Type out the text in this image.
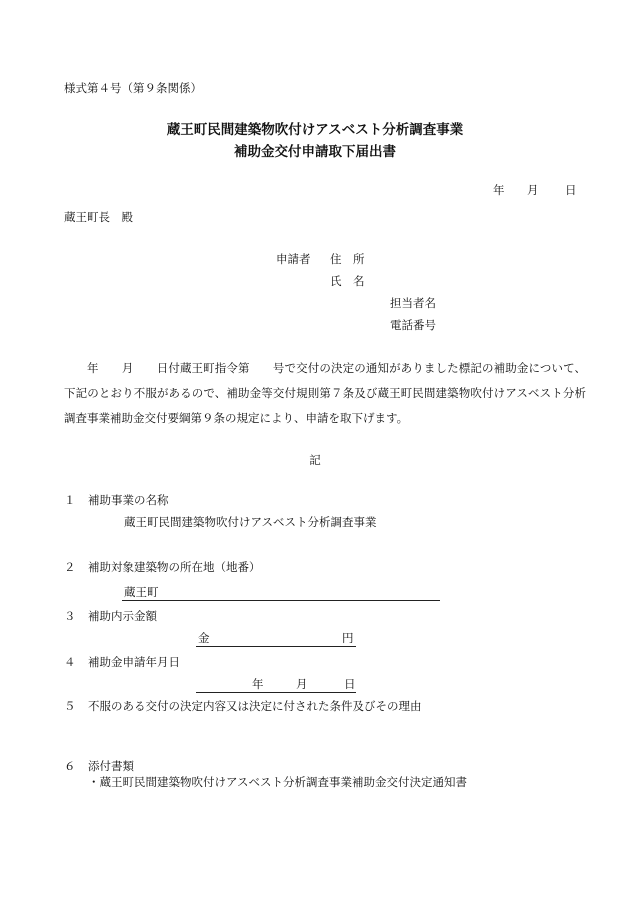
様式第４号（第９条関係）
蔵王町民間建築物吹付けアスベスト分析調査事業
補助金交付申請取下届出書
年 月 日
蔵王町長　殿
申請者 住　所
氏　名
担当者名
電話番号
年　　月　　日付蔵王町指令第　　号で交付の決定の通知がありました標記の補助金について、下記のとおり不服があるので、補助金等交付規則第７条及び蔵王町民間建築物吹付けアスベスト分析調査事業補助金交付要綱第９条の規定により、申請を取下げます。
記
１ 補助事業の名称
蔵王町民間建築物吹付けアスベスト分析調査事業
２ 補助対象建築物の所在地（地番）
蔵王町
３ 補助内示金額
金	円
４ 補助金申請年月日
年	月	日
５ 不服のある交付の決定内容又は決定に付された条件及びその理由
６ 添付書類
・蔵王町民間建築物吹付けアスベスト分析調査事業補助金交付決定通知書
